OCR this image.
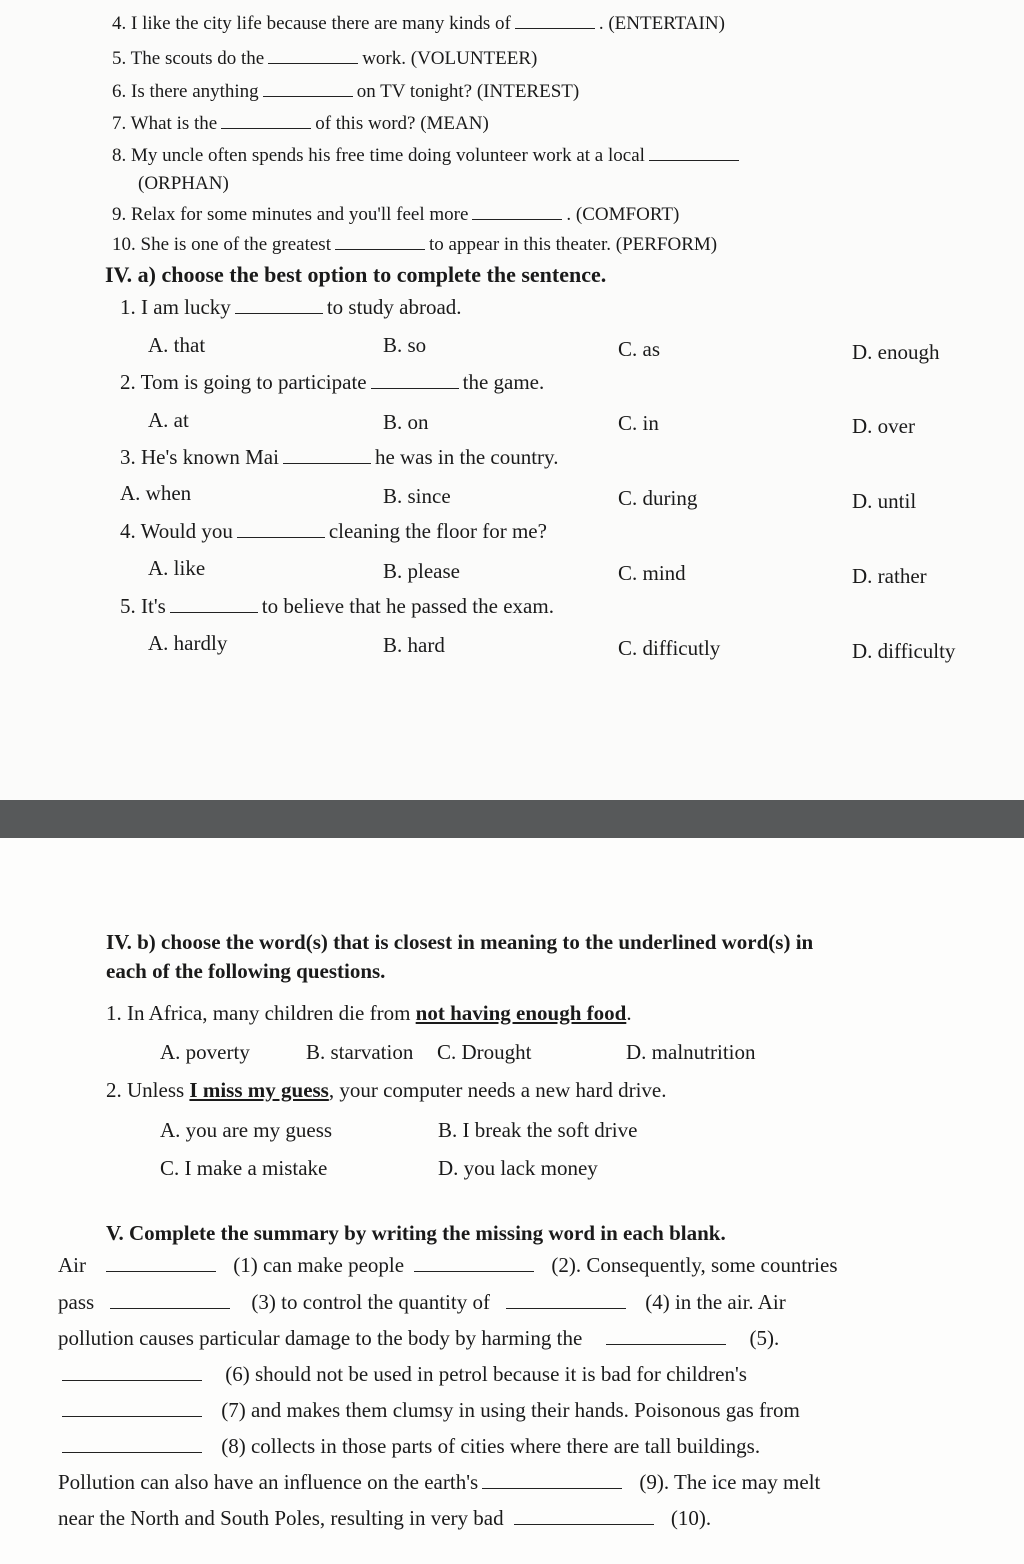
4. I like the city life because there are many kinds of	. (ENTERTAIN)
5. The scouts do the	work. (VOLUNTEER)
6. Is there anything	on TV tonight? (INTEREST)
7. What is the	of this word? (MEAN)
8. My uncle often spends his free time doing volunteer work at a local
(ORPHAN)
9. Relax for some minutes and you'll feel more	. (COMFORT)
10. She is one of the greatest	to appear in this theater. (PERFORM)
IV. a) choose the best option to complete the sentence.
1. I am lucky	to study abroad.
A. that	B. so	C. as	D. enough
2. Tom is going to participate	the game.
A. at	B. on	C. in	D. over
3. He's known Mai	he was in the country.
A. when	B. since	C. during	D. until
4. Would you	cleaning the floor for me?
A. like	B. please	C. mind	D. rather
5. It's	to believe that he passed the exam.
A. hardly	B. hard	C. difficutly	D. difficulty
IV. b) choose the word(s) that is closest in meaning to the underlined word(s) in
each of the following questions.
1. In Africa, many children die from not having enough food.
A. poverty	B. starvation C. Drought	D. malnutrition
2. Unless I miss my guess, your computer needs a new hard drive.
A. you are my guess	B. I break the soft drive
C. I make a mistake	D. you lack money
V. Complete the summary by writing the missing word in each blank.
Air	(1) can make people	(2). Consequently, some countries
pass	(3) to control the quantity of	(4) in the air. Air
pollution causes particular damage to the body by harming the	(5).
(6) should not be used in petrol because it is bad for children's
(7) and makes them clumsy in using their hands. Poisonous gas from
(8) collects in those parts of cities where there are tall buildings.
Pollution can also have an influence on the earth's	(9). The ice may melt
near the North and South Poles, resulting in very bad	(10).
